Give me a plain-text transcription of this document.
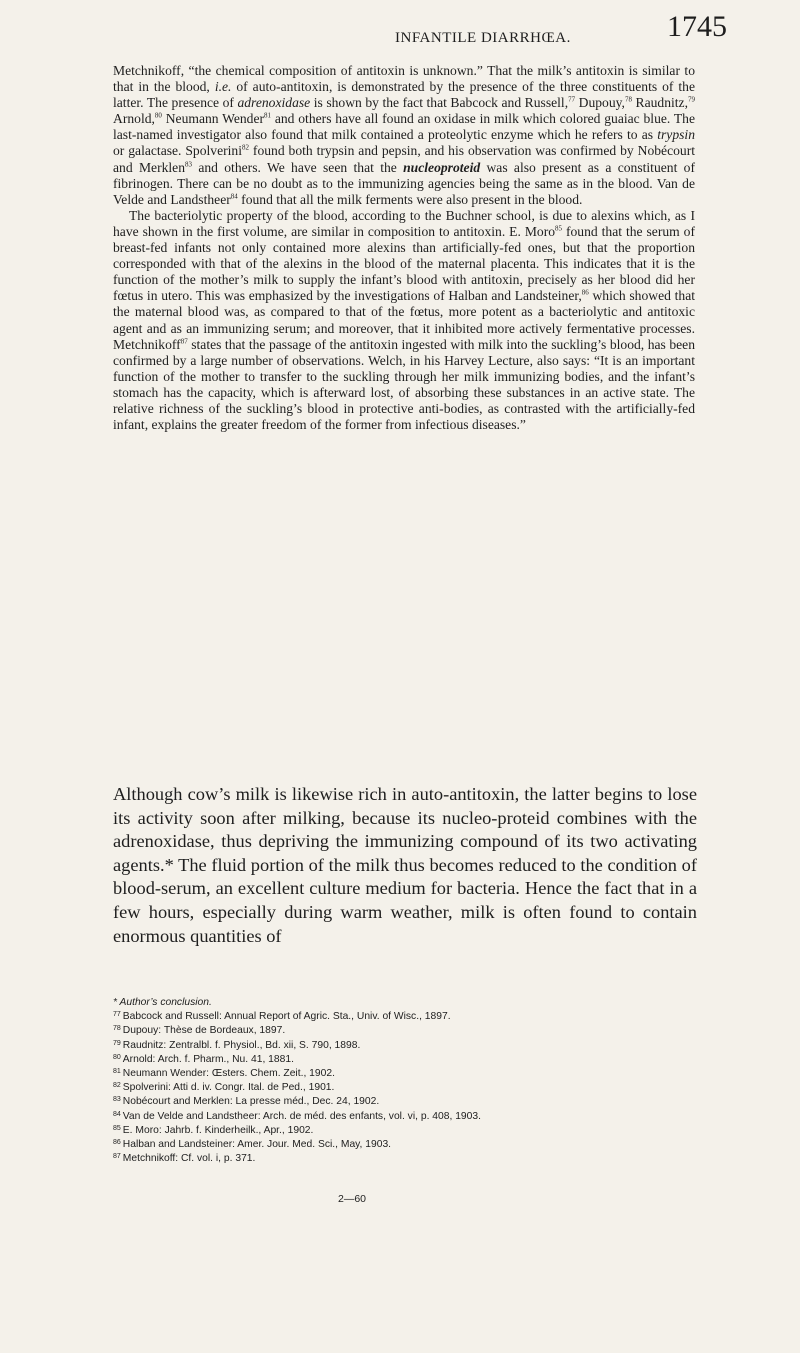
INFANTILE DIARRHŒA.	1745

Metchnikoff, “the chemical composition of antitoxin is unknown.” That the milk’s antitoxin is similar to that in the blood, i.e. of auto-antitoxin, is demonstrated by the presence of the three constituents of the latter. The presence of adrenoxidase is shown by the fact that Babcock and Russell,$^{77}$ Dupouy,$^{78}$ Raudnitz,$^{79}$ Arnold,$^{80}$ Neumann Wender$^{81}$ and others have all found an oxidase in milk which colored guaiac blue. The last-named investigator also found that milk contained a proteolytic enzyme which he refers to as trypsin or galactase. Spolverini$^{82}$ found both trypsin and pepsin, and his observation was confirmed by Nobécourt and Merklen$^{83}$ and others. We have seen that the nucleoproteid was also present as a constituent of fibrinogen. There can be no doubt as to the immunizing agencies being the same as in the blood. Van de Velde and Landstheer$^{84}$ found that all the milk ferments were also present in the blood.

The bacteriolytic property of the blood, according to the Buchner school, is due to alexins which, as I have shown in the first volume, are similar in composition to antitoxin. E. Moro$^{85}$ found that the serum of breast-fed infants not only contained more alexins than artificially-fed ones, but that the proportion corresponded with that of the alexins in the blood of the maternal placenta. This indicates that it is the function of the mother’s milk to supply the infant’s blood with antitoxin, precisely as her blood did her fœtus in utero. This was emphasized by the investigations of Halban and Landsteiner,$^{86}$ which showed that the maternal blood was, as compared to that of the fœtus, more potent as a bacteriolytic and antitoxic agent and as an immunizing serum; and moreover, that it inhibited more actively fermentative processes. Metchnikoff$^{87}$ states that the passage of the antitoxin ingested with milk into the suckling’s blood, has been confirmed by a large number of observations. Welch, in his Harvey Lecture, also says: “It is an important function of the mother to transfer to the suckling through her milk immunizing bodies, and the infant’s stomach has the capacity, which is afterward lost, of absorbing these substances in an active state. The relative richness of the suckling’s blood in protective anti-bodies, as contrasted with the artificially-fed infant, explains the greater freedom of the former from infectious diseases.”

Although cow’s milk is likewise rich in auto-antitoxin, the latter begins to lose its activity soon after milking, because its nucleo-proteid combines with the adrenoxidase, thus depriving the immunizing compound of its two activating agents.* The fluid portion of the milk thus becomes reduced to the condition of blood-serum, an excellent culture medium for bacteria. Hence the fact that in a few hours, especially during warm weather, milk is often found to contain enormous quantities of

* Author’s conclusion.

$^{77}$ Babcock and Russell: Annual Report of Agric. Sta., Univ. of Wisc., 1897.

$^{78}$ Dupouy: Thèse de Bordeaux, 1897.

$^{79}$ Raudnitz: Zentralbl. f. Physiol., Bd. xii, S. 790, 1898.

$^{80}$ Arnold: Arch. f. Pharm., Nu. 41, 1881.

$^{81}$ Neumann Wender: Œsters. Chem. Zeit., 1902.

$^{82}$ Spolverini: Atti d. iv. Congr. Ital. de Ped., 1901.

$^{83}$ Nobécourt and Merklen: La presse méd., Dec. 24, 1902.

$^{84}$ Van de Velde and Landstheer: Arch. de méd. des enfants, vol. vi, p. 408, 1903.

$^{85}$ E. Moro: Jahrb. f. Kinderheilk., Apr., 1902.

$^{86}$ Halban and Landsteiner: Amer. Jour. Med. Sci., May, 1903.

$^{87}$ Metchnikoff: Cf. vol. i, p. 371.

2—60
